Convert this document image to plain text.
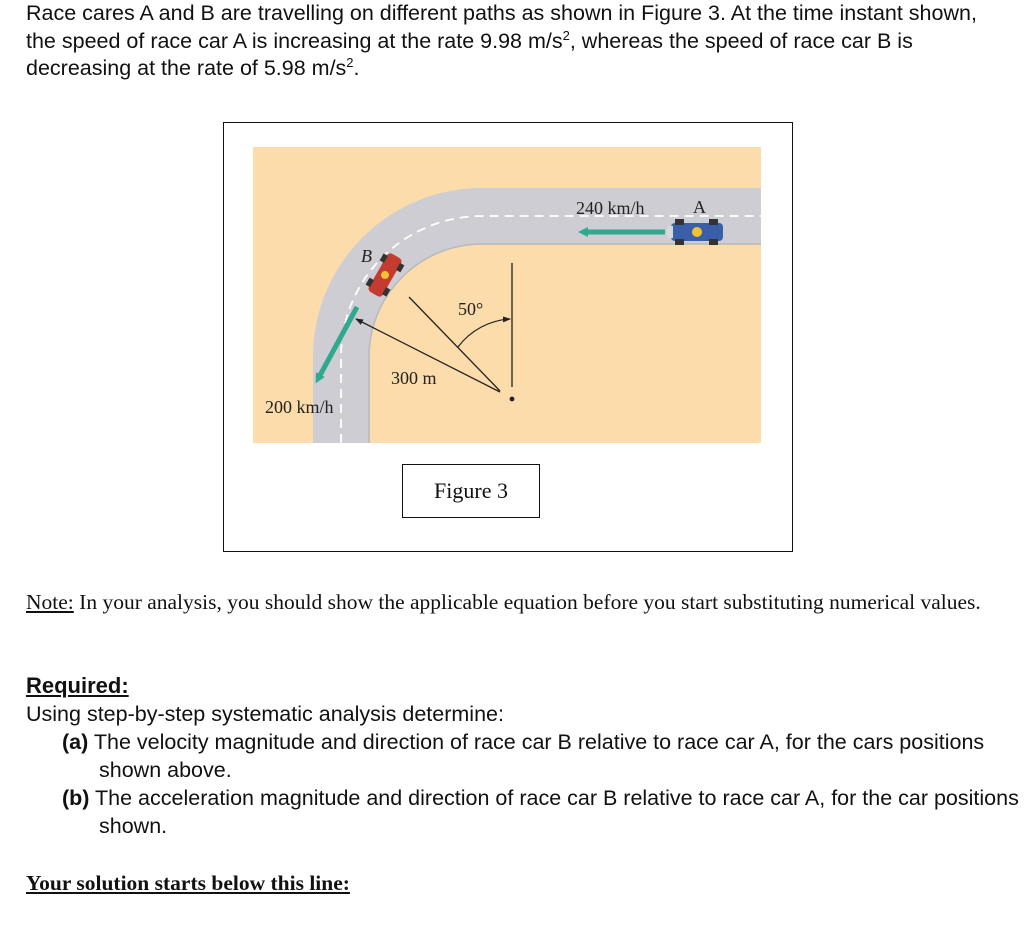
Race cares A and B are travelling on different paths as shown in Figure 3. At the time instant shown, the speed of race car A is increasing at the rate 9.98 $m/s^2$, whereas the speed of race car B is decreasing at the rate of 5.98 $m/s^2$.

240 km/h	A
B
50°
300 m
200 km/h
Figure 3

Note: In your analysis, you should show the applicable equation before you start substituting numerical values.

Required:

Using step-by-step systematic analysis determine:

(a) The velocity magnitude and direction of race car B relative to race car A, for the cars positions shown above.

(b) The acceleration magnitude and direction of race car B relative to race car A, for the car positions shown.

Your solution starts below this line:
